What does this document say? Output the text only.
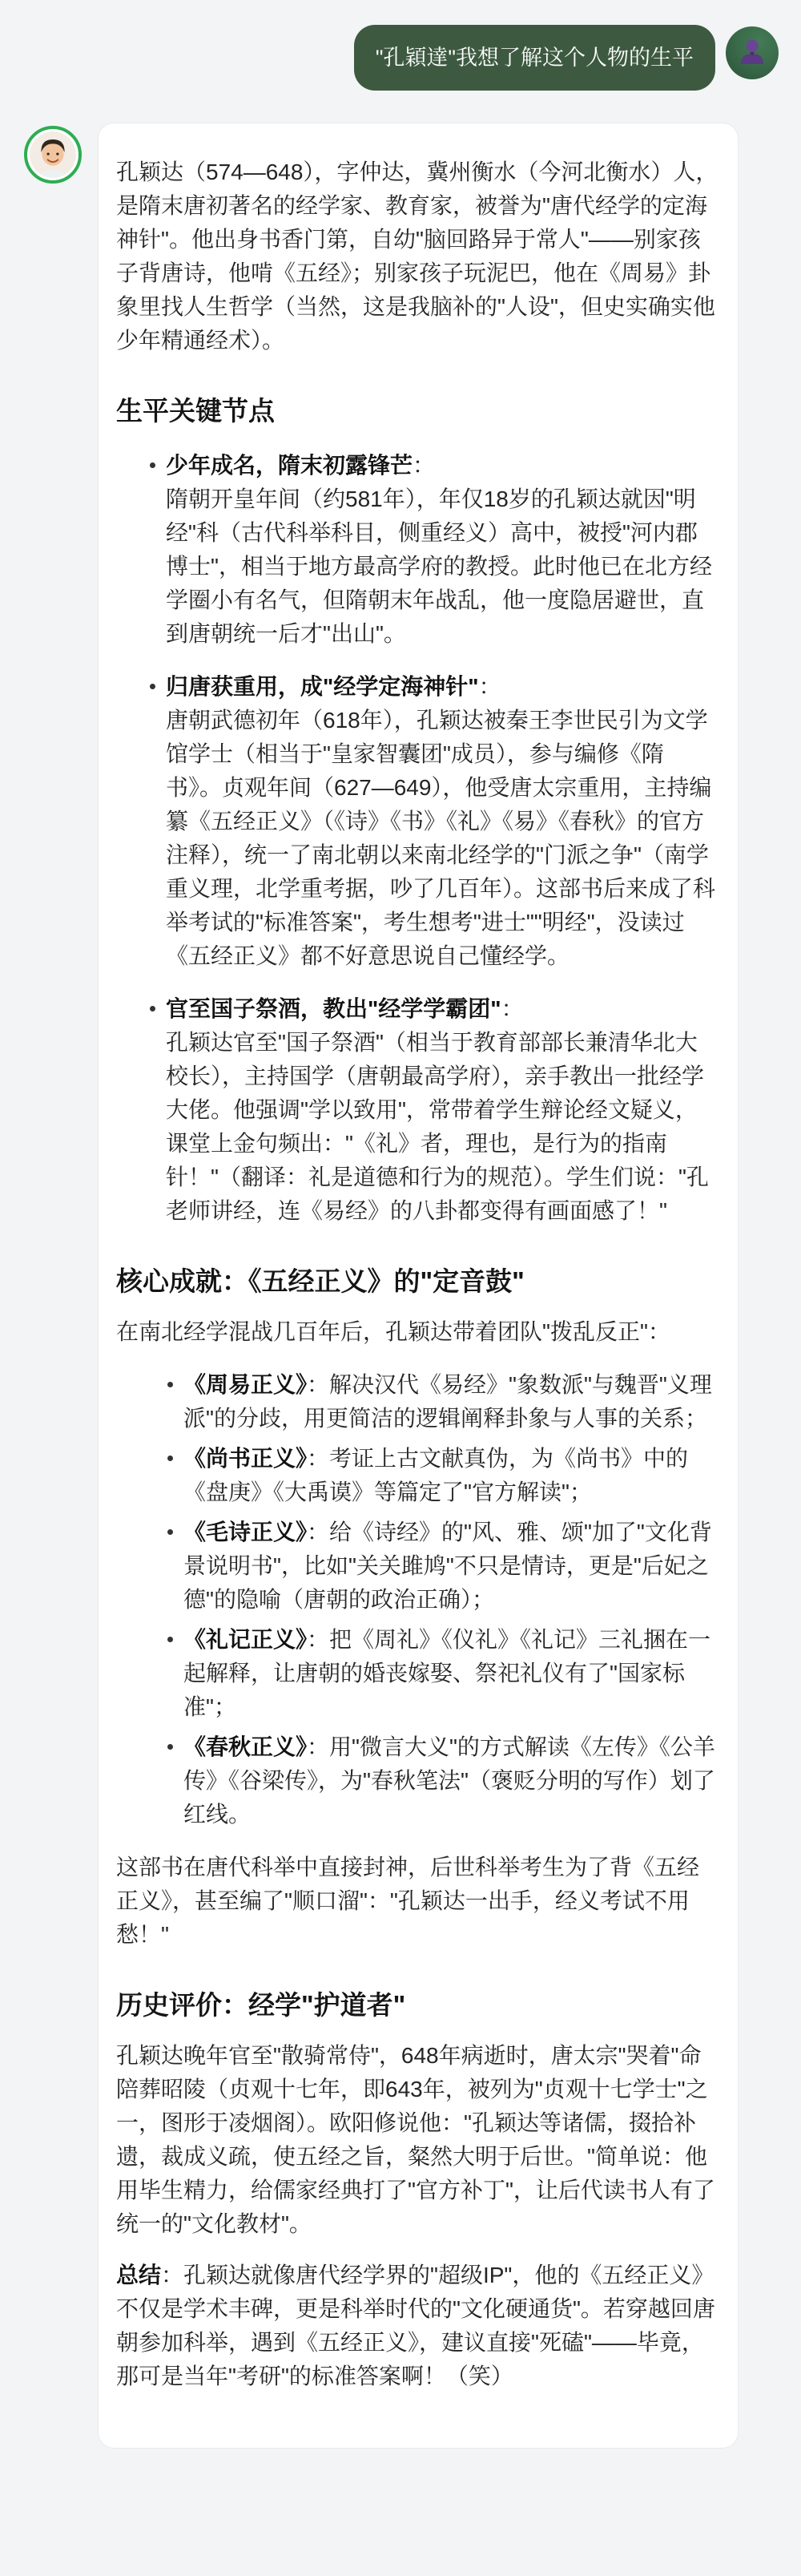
"孔穎達"我想了解这个人物的生平

孔颖达（574—648），字仲达，冀州衡水（今河北衡水）人，是隋末唐初著名的经学家、教育家，被誉为"唐代经学的定海神针"。他出身书香门第，自幼"脑回路异于常人"——别家孩子背唐诗，他啃《五经》；别家孩子玩泥巴，他在《周易》卦象里找人生哲学（当然，这是我脑补的"人设"，但史实确实他少年精通经术）。

生平关键节点
少年成名，隋末初露锋芒：
隋朝开皇年间（约581年），年仅18岁的孔颖达就因"明经"科（古代科举科目，侧重经义）高中，被授"河内郡博士"，相当于地方最高学府的教授。此时他已在北方经学圈小有名气，但隋朝末年战乱，他一度隐居避世，直到唐朝统一后才"出山"。
归唐获重用，成"经学定海神针"：
唐朝武德初年（618年），孔颖达被秦王李世民引为文学馆学士（相当于"皇家智囊团"成员），参与编修《隋书》。贞观年间（627—649），他受唐太宗重用，主持编纂《五经正义》（《诗》《书》《礼》《易》《春秋》的官方注释），统一了南北朝以来南北经学的"门派之争"（南学重义理，北学重考据，吵了几百年）。这部书后来成了科举考试的"标准答案"，考生想考"进士""明经"，没读过《五经正义》都不好意思说自己懂经学。
官至国子祭酒，教出"经学学霸团"：
孔颖达官至"国子祭酒"（相当于教育部部长兼清华北大校长），主持国学（唐朝最高学府），亲手教出一批经学大佬。他强调"学以致用"，常带着学生辩论经文疑义，课堂上金句频出："《礼》者，理也，是行为的指南针！"（翻译：礼是道德和行为的规范）。学生们说："孔老师讲经，连《易经》的八卦都变得有画面感了！"
核心成就：《五经正义》的"定音鼓"

在南北经学混战几百年后，孔颖达带着团队"拨乱反正"：

《周易正义》：解决汉代《易经》"象数派"与魏晋"义理派"的分歧，用更简洁的逻辑阐释卦象与人事的关系；
《尚书正义》：考证上古文献真伪，为《尚书》中的《盘庚》《大禹谟》等篇定了"官方解读"；
《毛诗正义》：给《诗经》的"风、雅、颂"加了"文化背景说明书"，比如"关关雎鸠"不只是情诗，更是"后妃之德"的隐喻（唐朝的政治正确）；
《礼记正义》：把《周礼》《仪礼》《礼记》三礼捆在一起解释，让唐朝的婚丧嫁娶、祭祀礼仪有了"国家标准"；
《春秋正义》：用"微言大义"的方式解读《左传》《公羊传》《谷梁传》，为"春秋笔法"（褒贬分明的写作）划了红线。

这部书在唐代科举中直接封神，后世科举考生为了背《五经正义》，甚至编了"顺口溜"："孔颖达一出手，经义考试不用愁！"

历史评价：经学"护道者"

孔颖达晚年官至"散骑常侍"，648年病逝时，唐太宗"哭着"命陪葬昭陵（贞观十七年，即643年，被列为"贞观十七学士"之一，图形于凌烟阁）。欧阳修说他："孔颖达等诸儒，掇拾补遗，裁成义疏，使五经之旨，粲然大明于后世。"简单说：他用毕生精力，给儒家经典打了"官方补丁"，让后代读书人有了统一的"文化教材"。

总结：孔颖达就像唐代经学界的"超级IP"，他的《五经正义》不仅是学术丰碑，更是科举时代的"文化硬通货"。若穿越回唐朝参加科举，遇到《五经正义》，建议直接"死磕"——毕竟，那可是当年"考研"的标准答案啊！（笑）
